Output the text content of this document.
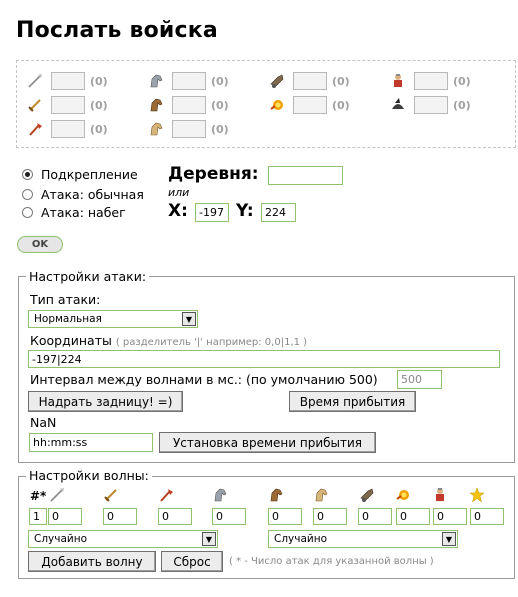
Послать войска
(0)
(0)
(0)
(0)
(0)
(0)
(0)
(0)
(0)
(0)
Подкрепление
Атака: обычная
Атака: набег
Деревня:
или
X:
-197	Y:
224
OK
Настройки атаки:
Тип атаки:
Нормальная	▼
Координаты ( разделитель '|' например: 0,0|1,1 )
-197|224
Интервал между волнами в мс.: (по умолчанию 500)
500
Надрать задницу! =)	Время прибытия
NaN
hh:mm:ss
Установка времени прибытия
Настройки волны:
#*
1	0	0	0	0	0	0	0	0	0	0
Случайно	▼	Случайно	▼
Добавить волну	Сброс	( * - Число атак для указанной волны )
